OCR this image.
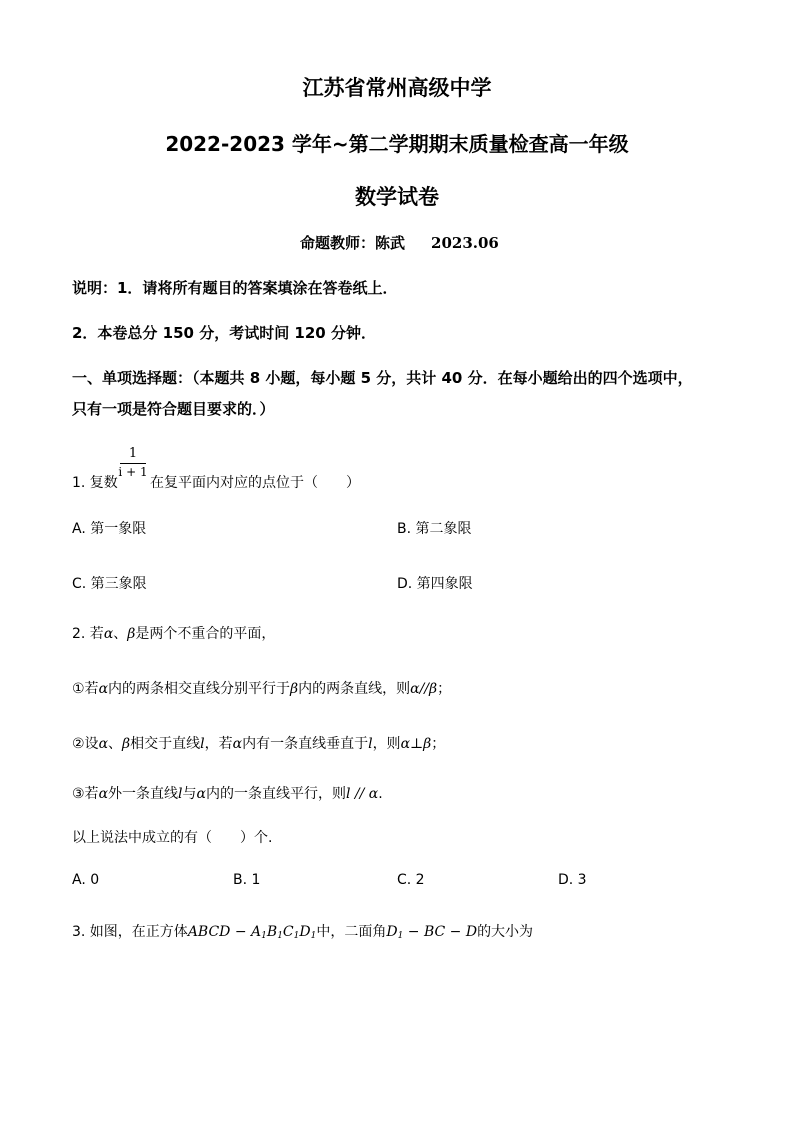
江苏省常州高级中学
2022-2023 学年~第二学期期末质量检查高一年级
数学试卷
命题教师：陈武 2023.06
说明：1．请将所有题目的答案填涂在答卷纸上．
2．本卷总分 150 分，考试时间 120 分钟．
一、单项选择题：（本题共 8 小题，每小题 5 分，共计 40 分．在每小题给出的四个选项中，
只有一项是符合题目要求的．）
1
i + 1
1. 复数 在复平面内对应的点位于（　　）
A. 第一象限	B. 第二象限
C. 第三象限	D. 第四象限
2. 若α、β是两个不重合的平面，
①若α内的两条相交直线分别平行于β内的两条直线，则α//β；
②设α、β相交于直线l，若α内有一条直线垂直于l，则α⊥β；
③若α外一条直线l与α内的一条直线平行，则l // α.
以上说法中成立的有（　　）个.
A. 0	B. 1	C. 2	D. 3
3. 如图，在正方体ABCD − $A_1B_1C_1D_1$中，二面角$D_1$ − BC − D的大小为
